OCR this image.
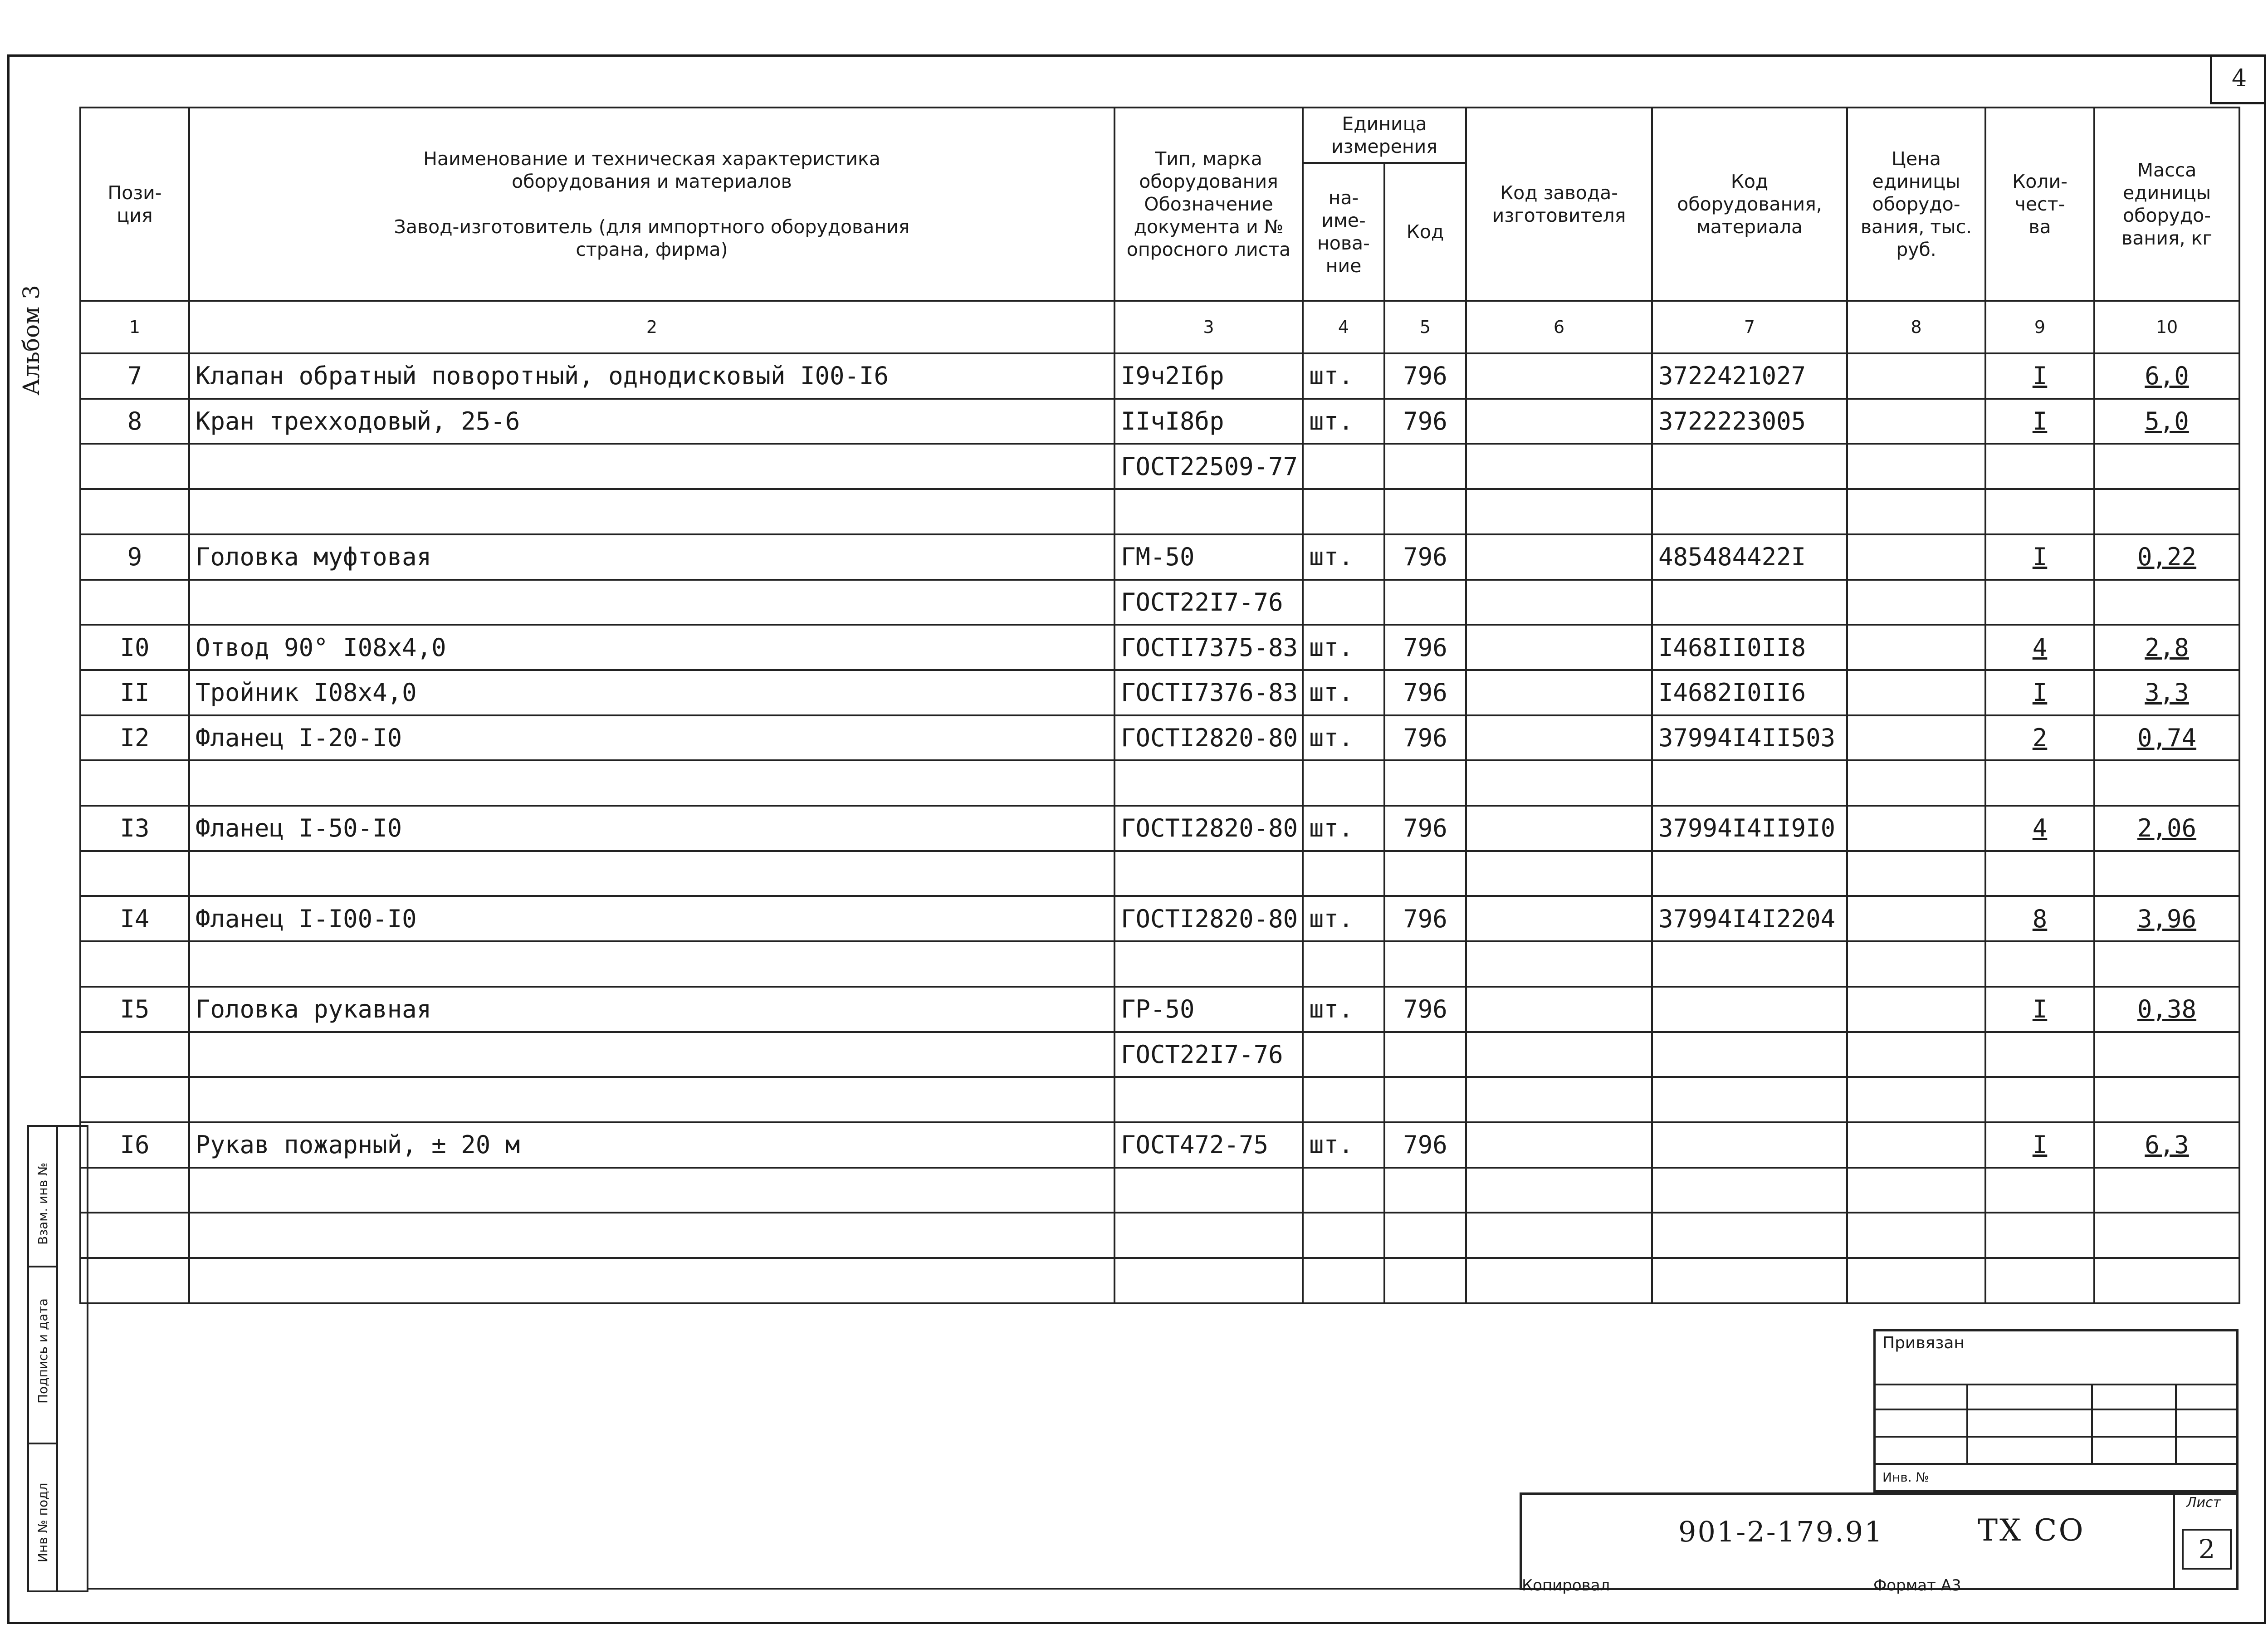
4
Альбом 3
Пози-
ция	Наименование и техническая характеристика
оборудования и материалов

Завод-изготовитель (для импортного оборудования
страна, фирма)	Тип, марка оборудования Обозначение документа и № опросного листа	Единица измерения		Код завода-
изготовителя	Код оборудования, материала	Цена единицы оборудо-вания, тыс. руб.	Коли-
чест-
ва	Масса единицы оборудо-вания, кг
			на-
име-
нова-
ние	Код					
1	2	3	4	5	6	7	8	9	10
7	Клапан обратный поворотный, однодисковый I00-I6	I9ч2Iбр	шт.	796		3722421027		I	6,0
8	Кран трехходовый, 25-6	IIчI8бр	шт.	796		3722223005		I	5,0
		ГОСТ22509-77							

9	Головка муфтовая	ГМ-50	шт.	796		485484422I		I	0,22
		ГОСТ22I7-76							
I0	Отвод 90° I08x4,0	ГОСТI7375-83	шт.	796		I468II0II8		4	2,8
II	Тройник I08x4,0	ГОСТI7376-83	шт.	796		I4682I0II6		I	3,3
I2	Фланец I-20-I0	ГОСТI2820-80	шт.	796		37994I4II503		2	0,74

I3	Фланец I-50-I0	ГОСТI2820-80	шт.	796		37994I4II9I0		4	2,06

I4	Фланец I-I00-I0	ГОСТI2820-80	шт.	796		37994I4I2204		8	3,96

I5	Головка рукавная	ГР-50	шт.	796				I	0,38
		ГОСТ22I7-76							

I6	Рукав пожарный, ± 20 м	ГОСТ472-75	шт.	796				I	6,3

Взам. инв №
Подпись и дата
Инв № подл
Привязан
Инв. №
901-2-179.91	ТХ СО
Лист
2
Копировал	Формат А3
